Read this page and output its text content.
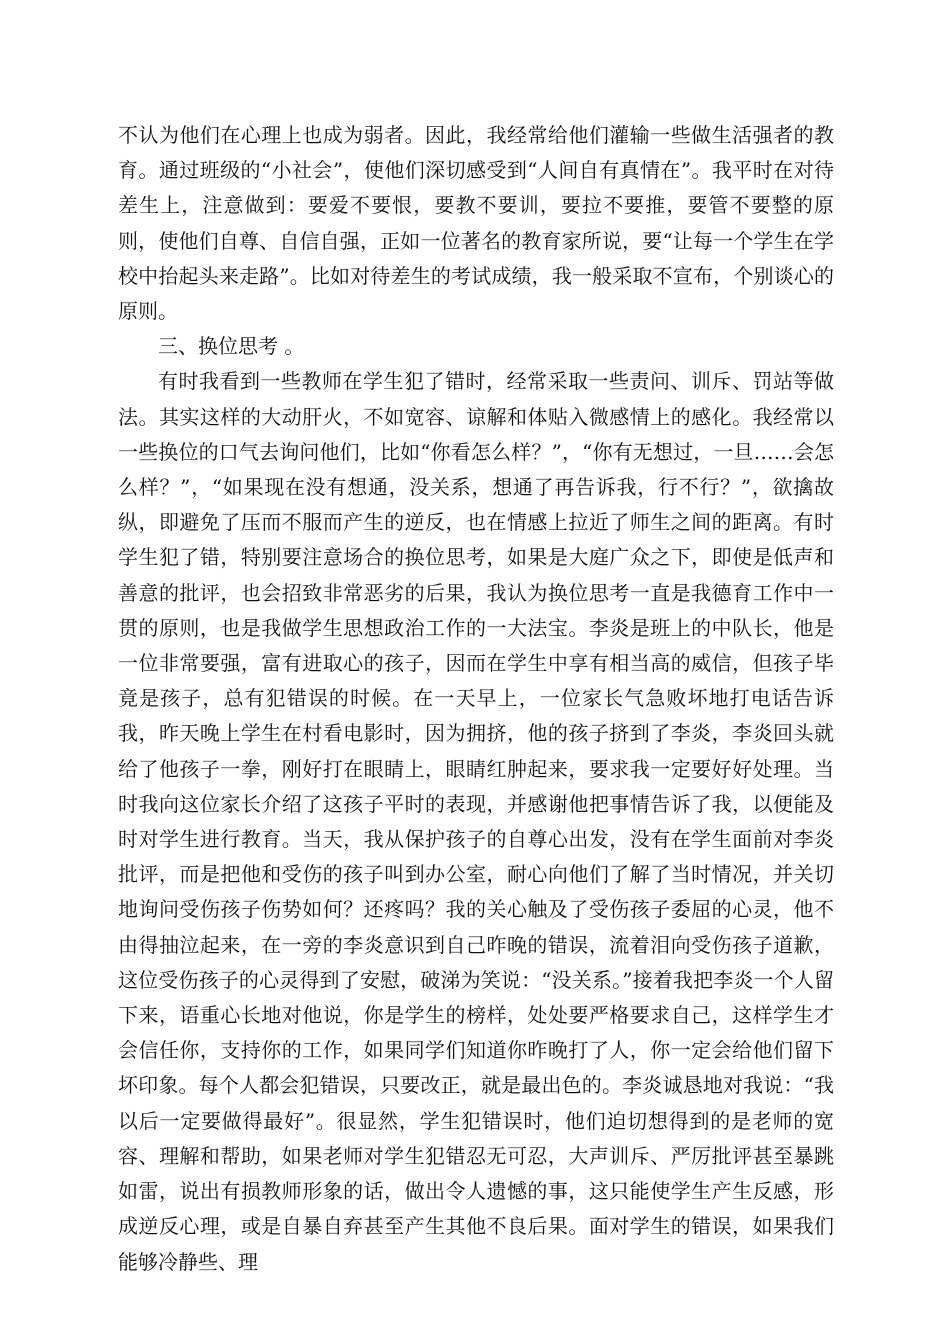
不认为他们在心理上也成为弱者。因此，我经常给他们灌输一些做生活强者的教育。通过班级的“小社会”，使他们深切感受到“人间自有真情在”。我平时在对待差生上，注意做到：要爱不要恨，要教不要训，要拉不要推，要管不要整的原则，使他们自尊、自信自强，正如一位著名的教育家所说，要“让每一个学生在学校中抬起头来走路”。比如对待差生的考试成绩，我一般采取不宣布，个别谈心的原则。

三、换位思考 。

有时我看到一些教师在学生犯了错时，经常采取一些责问、训斥、罚站等做法。其实这样的大动肝火，不如宽容、谅解和体贴入微感情上的感化。我经常以一些换位的口气去询问他们，比如“你看怎么样？”，“你有无想过，一旦……会怎么样？”，“如果现在没有想通，没关系，想通了再告诉我，行不行？”，欲擒故纵，即避免了压而不服而产生的逆反，也在情感上拉近了师生之间的距离。有时学生犯了错，特别要注意场合的换位思考，如果是大庭广众之下，即使是低声和善意的批评，也会招致非常恶劣的后果，我认为换位思考一直是我德育工作中一贯的原则，也是我做学生思想政治工作的一大法宝。李炎是班上的中队长，他是一位非常要强，富有进取心的孩子，因而在学生中享有相当高的威信，但孩子毕竟是孩子，总有犯错误的时候。在一天早上，一位家长气急败坏地打电话告诉我，昨天晚上学生在村看电影时，因为拥挤，他的孩子挤到了李炎，李炎回头就给了他孩子一拳，刚好打在眼睛上，眼睛红肿起来，要求我一定要好好处理。当时我向这位家长介绍了这孩子平时的表现，并感谢他把事情告诉了我，以便能及时对学生进行教育。当天，我从保护孩子的自尊心出发，没有在学生面前对李炎批评，而是把他和受伤的孩子叫到办公室，耐心向他们了解了当时情况，并关切地询问受伤孩子伤势如何？还疼吗？我的关心触及了受伤孩子委屈的心灵，他不由得抽泣起来，在一旁的李炎意识到自己昨晚的错误，流着泪向受伤孩子道歉，这位受伤孩子的心灵得到了安慰，破涕为笑说：“没关系。”接着我把李炎一个人留下来，语重心长地对他说，你是学生的榜样，处处要严格要求自己，这样学生才会信任你，支持你的工作，如果同学们知道你昨晚打了人，你一定会给他们留下坏印象。每个人都会犯错误，只要改正，就是最出色的。李炎诚恳地对我说：“我以后一定要做得最好”。很显然，学生犯错误时，他们迫切想得到的是老师的宽容、理解和帮助，如果老师对学生犯错忍无可忍，大声训斥、严厉批评甚至暴跳如雷，说出有损教师形象的话，做出令人遗憾的事，这只能使学生产生反感，形成逆反心理，或是自暴自弃甚至产生其他不良后果。面对学生的错误，如果我们能够冷静些、理
